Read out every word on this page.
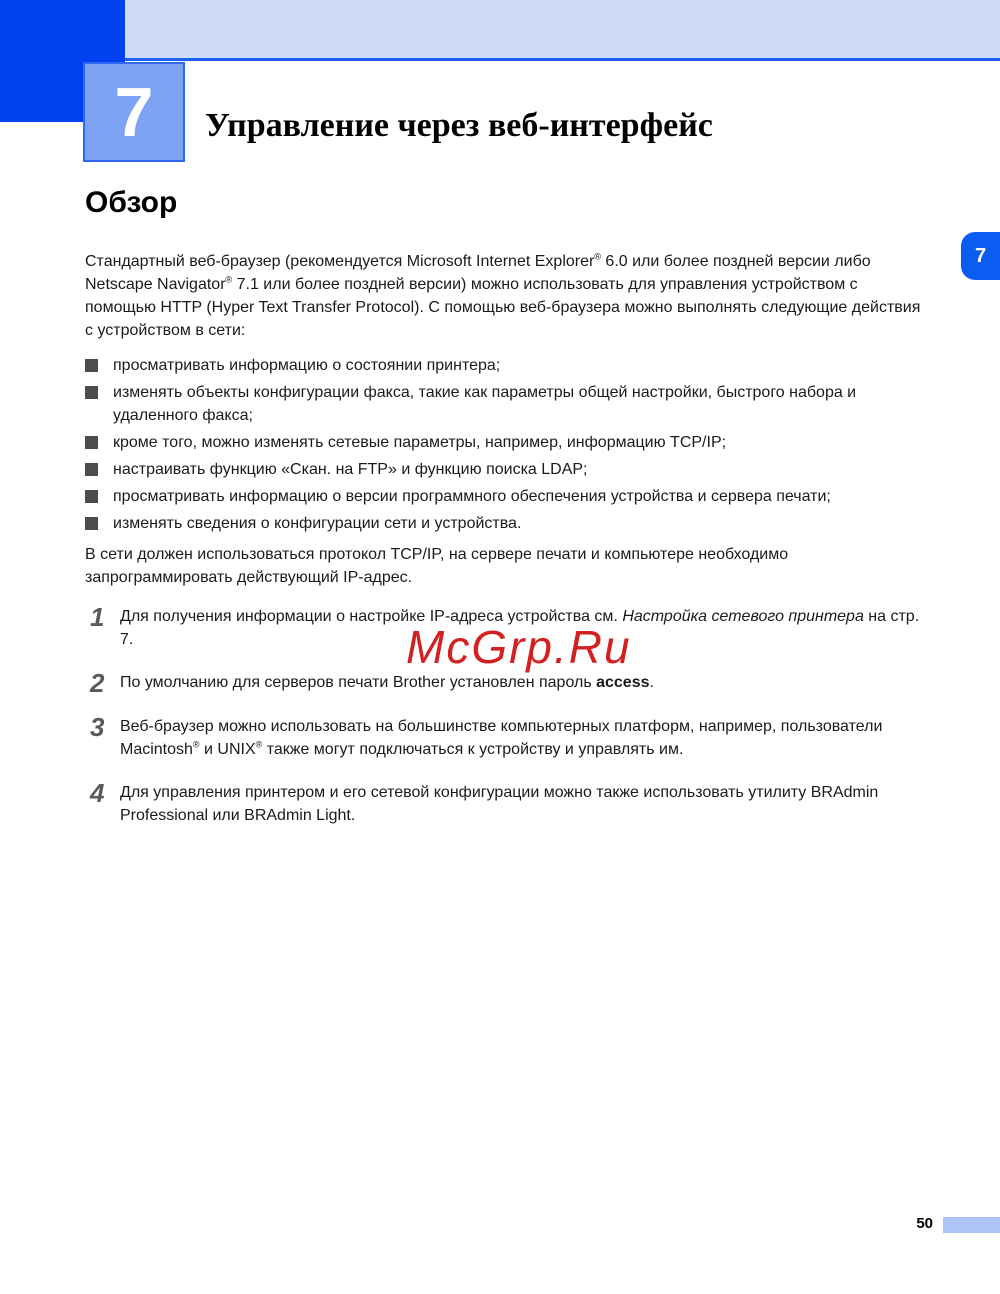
7 Управление через веб-интерфейс
7
McGrp.Ru
Обзор

Стандартный веб-браузер (рекомендуется Microsoft Internet Explorer® 6.0 или более поздней версии либо Netscape Navigator® 7.1 или более поздней версии) можно использовать для управления устройством с помощью HTTP (Hyper Text Transfer Protocol). С помощью веб-браузера можно выполнять следующие действия с устройством в сети:

просматривать информацию о состоянии принтера;
изменять объекты конфигурации факса, такие как параметры общей настройки, быстрого набора и удаленного факса;
кроме того, можно изменять сетевые параметры, например, информацию TCP/IP;
настраивать функцию «Скан. на FTP» и функцию поиска LDAP;
просматривать информацию о версии программного обеспечения устройства и сервера печати;
изменять сведения о конфигурации сети и устройства.

В сети должен использоваться протокол TCP/IP, на сервере печати и компьютере необходимо запрограммировать действующий IP-адрес.

1 Для получения информации о настройке IP-адреса устройства см. Настройка сетевого принтера на стр. 7.
2 По умолчанию для серверов печати Brother установлен пароль access.
3 Веб-браузер можно использовать на большинстве компьютерных платформ, например, пользователи Macintosh® и UNIX® также могут подключаться к устройству и управлять им.
4 Для управления принтером и его сетевой конфигурации можно также использовать утилиту BRAdmin Professional или BRAdmin Light.
50
